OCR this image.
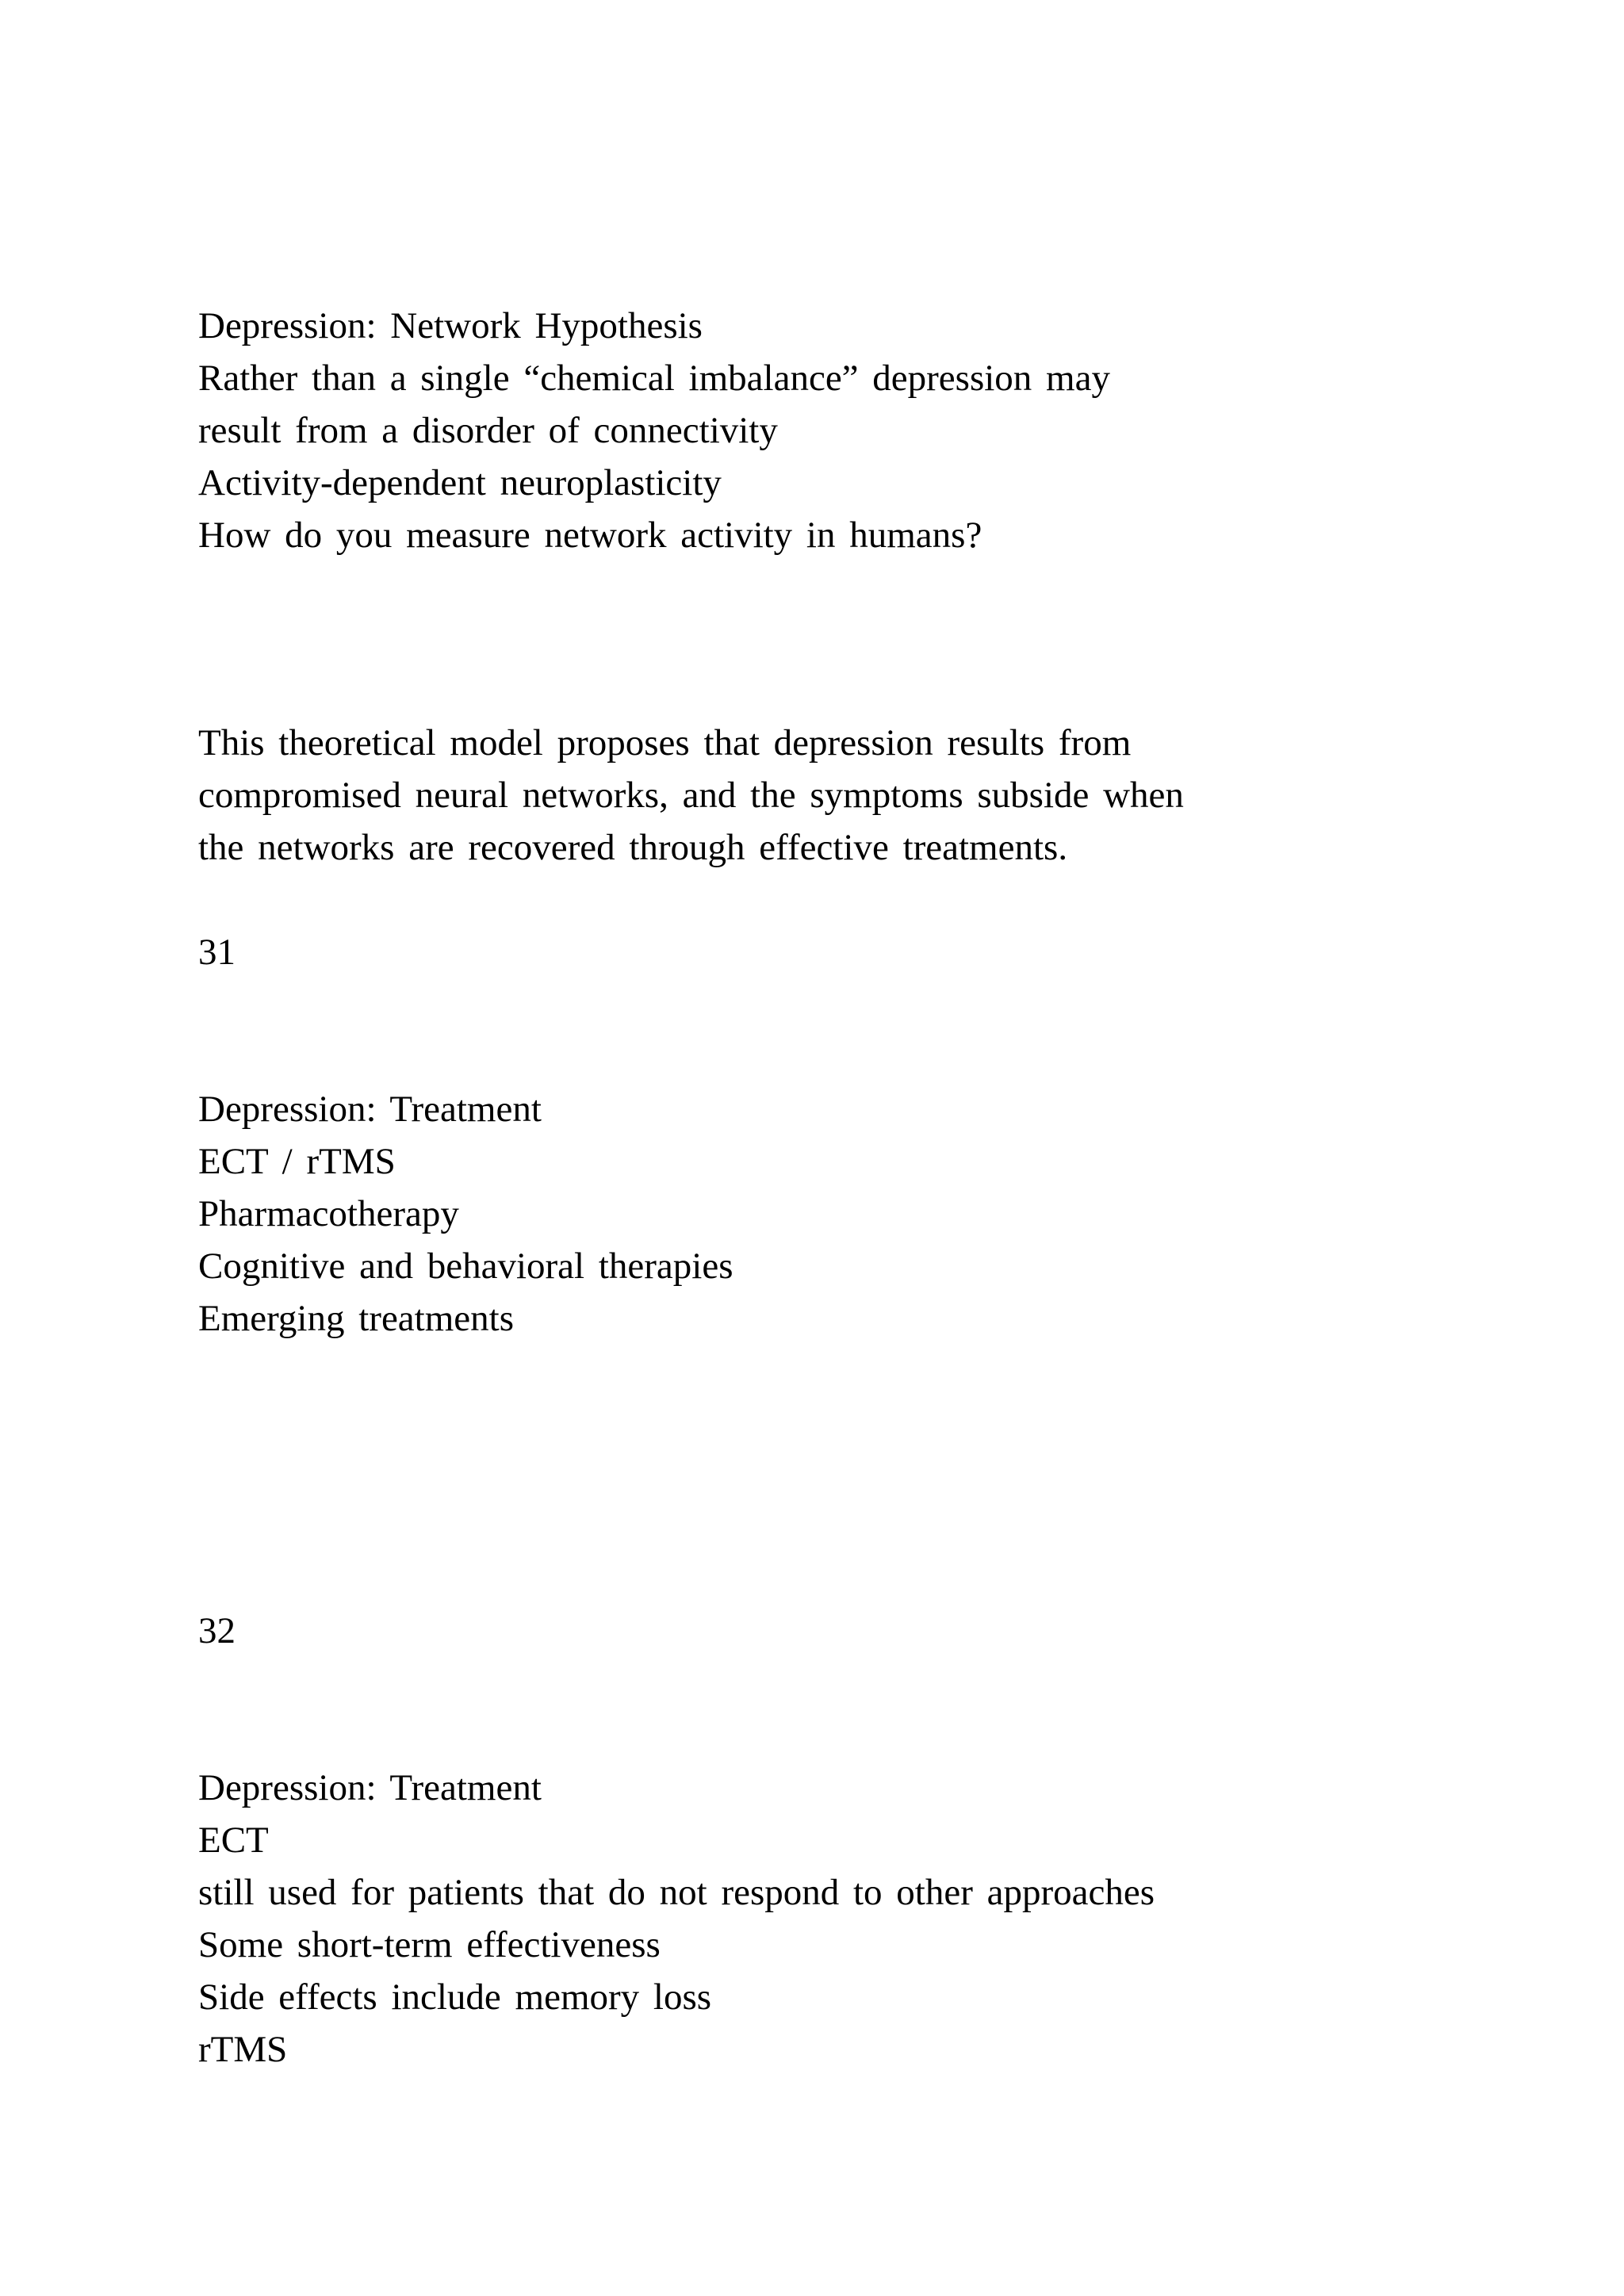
Depression: Network Hypothesis

Rather than a single “chemical imbalance” depression may

result from a disorder of connectivity

Activity-dependent neuroplasticity

How do you measure network activity in humans?

This theoretical model proposes that depression results from

compromised neural networks, and the symptoms subside when

the networks are recovered through effective treatments.

31

Depression: Treatment

ECT / rTMS

Pharmacotherapy

Cognitive and behavioral therapies

Emerging treatments

32

Depression: Treatment

ECT

still used for patients that do not respond to other approaches

Some short-term effectiveness

Side effects include memory loss

rTMS
